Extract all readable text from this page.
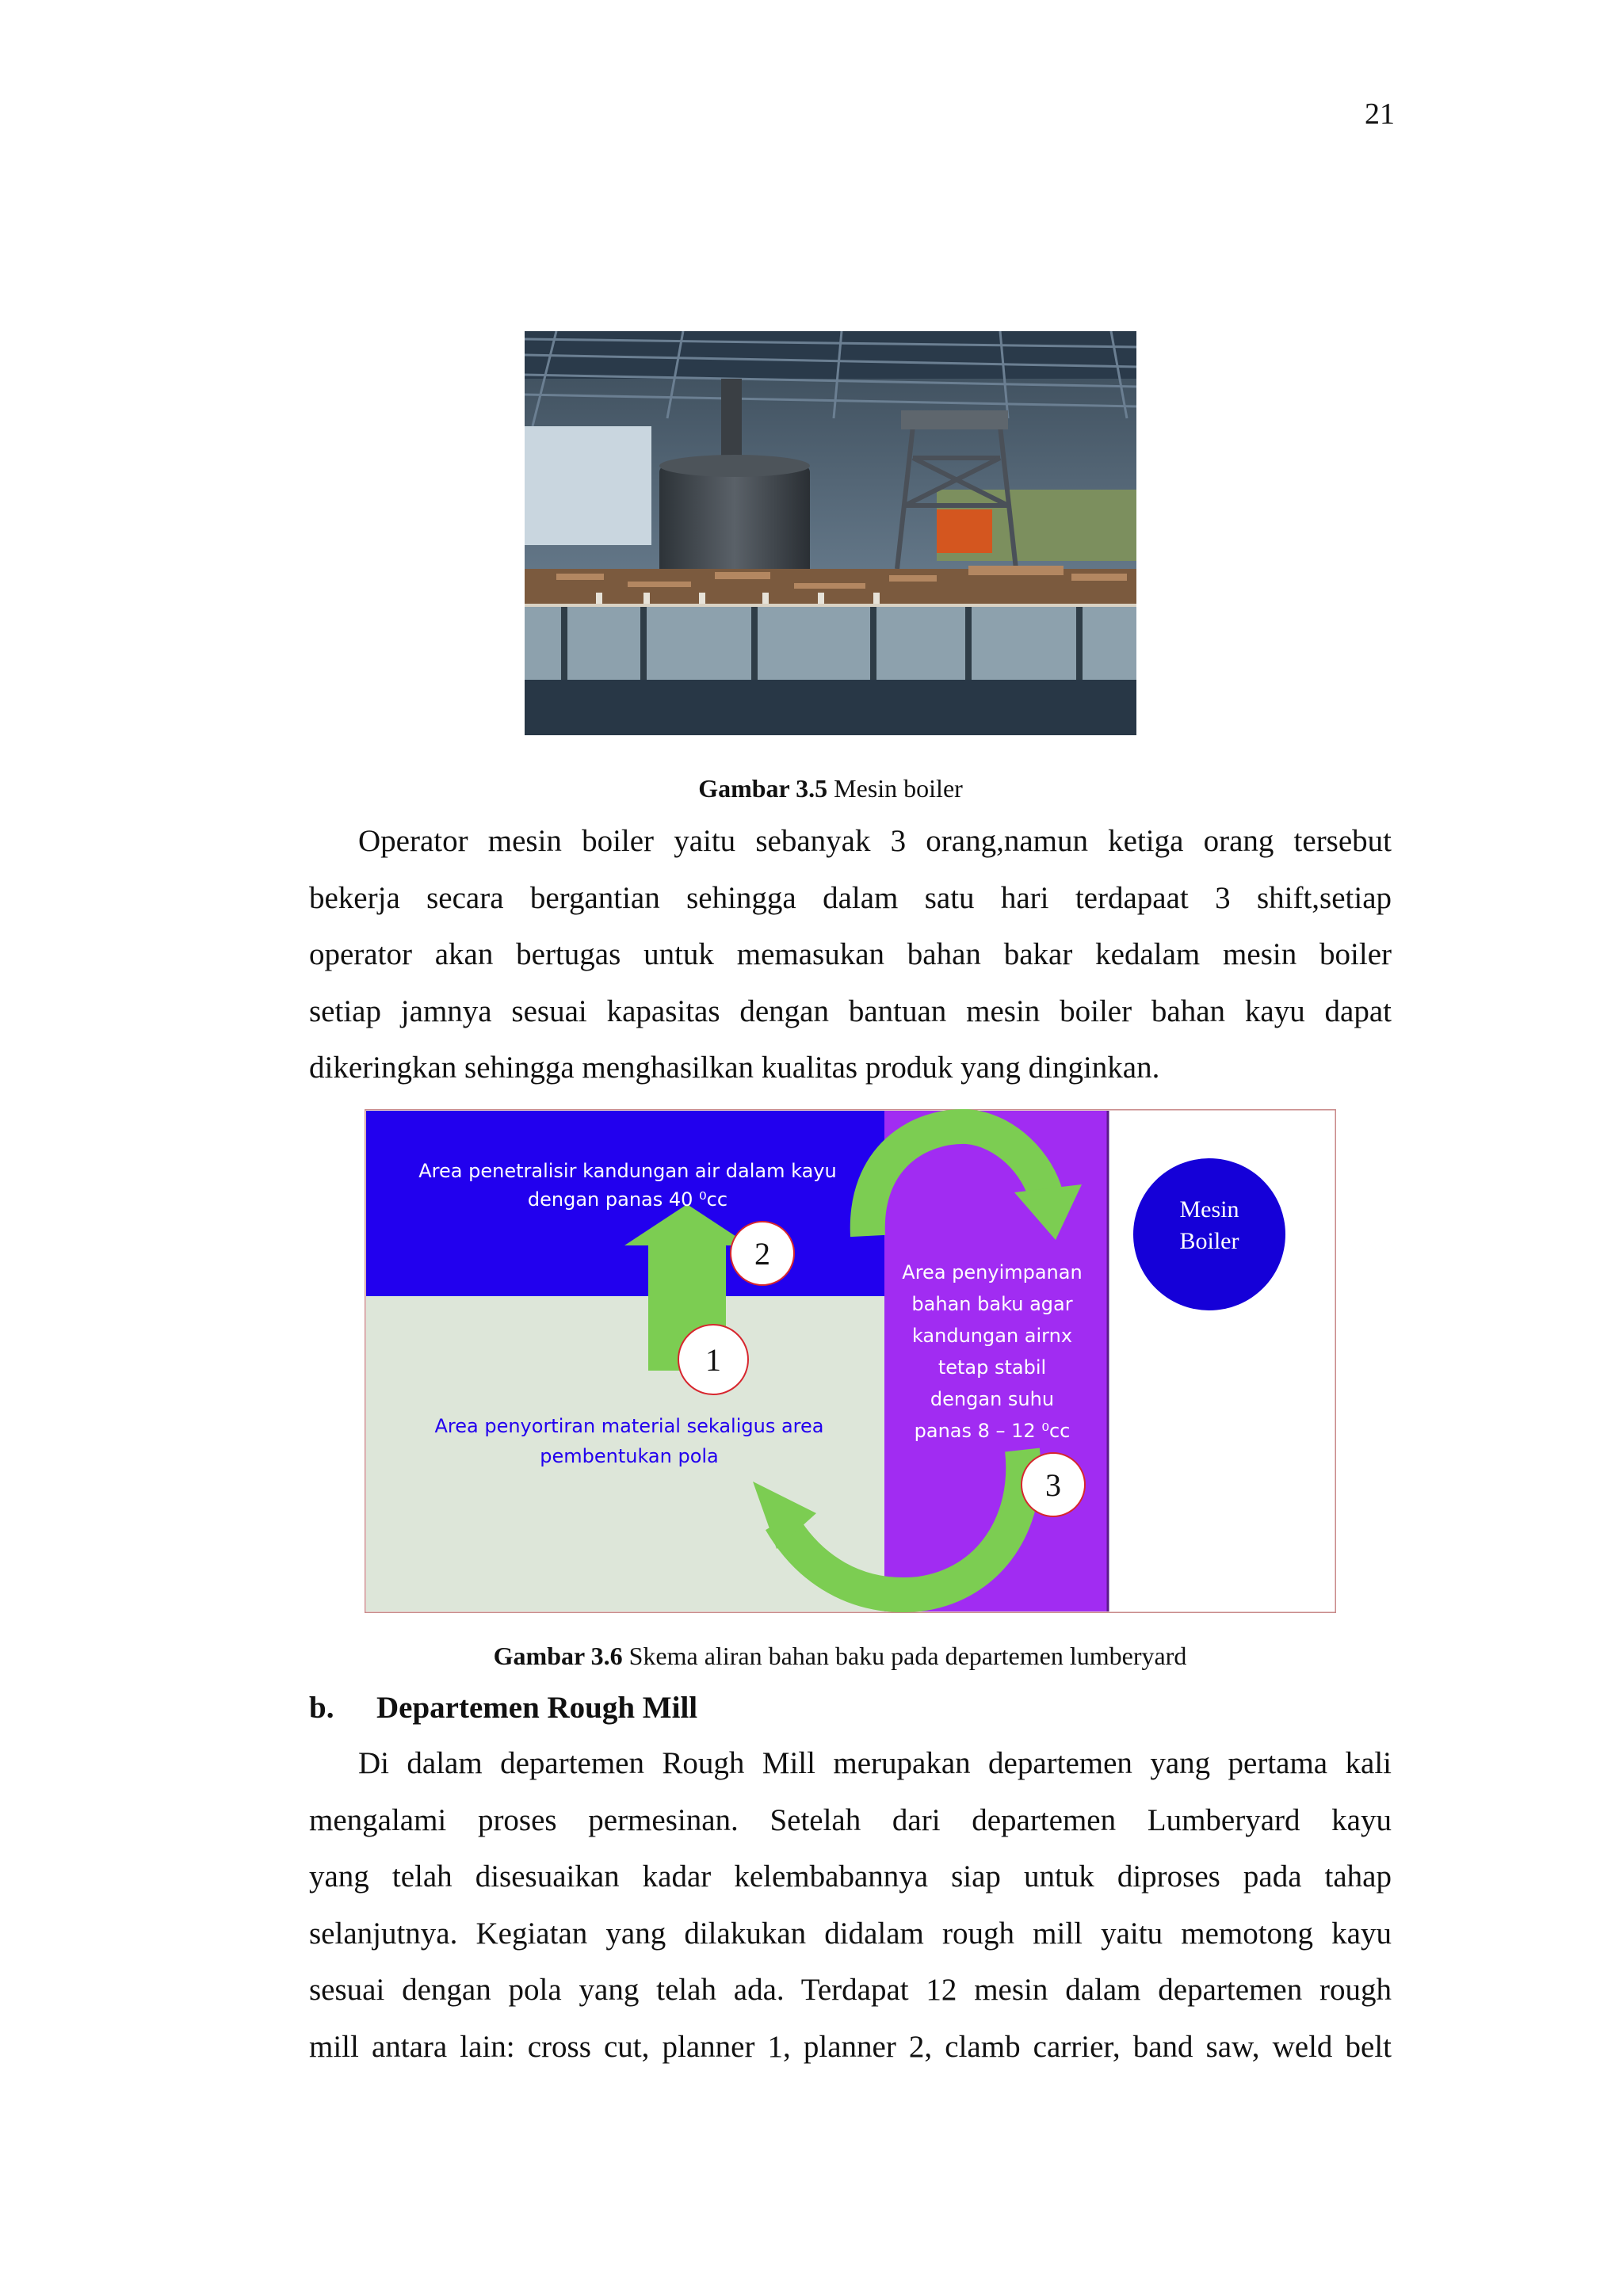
21
Gambar 3.5 Mesin boiler
Operator mesin boiler yaitu sebanyak 3 orang,namun ketiga orang tersebut
bekerja secara bergantian sehingga dalam satu hari terdapaat 3 shift,setiap
operator akan bertugas untuk memasukan bahan bakar kedalam mesin boiler
setiap jamnya sesuai kapasitas dengan bantuan mesin boiler bahan kayu dapat
dikeringkan sehingga menghasilkan kualitas produk yang dinginkan.
2
1
3
Area penetralisir kandungan air dalam kayu
dengan panas 40 ⁰cc
Area penyortiran material sekaligus area
pembentukan pola
Area penyimpanan
bahan baku agar
kandungan airnx
tetap stabil
dengan suhu
panas 8 – 12 ⁰cc
Mesin
Boiler
Gambar 3.6 Skema aliran bahan baku pada departemen lumberyard
b. Departemen Rough Mill
Di dalam departemen Rough Mill merupakan departemen yang pertama kali
mengalami proses permesinan. Setelah dari departemen Lumberyard kayu
yang telah disesuaikan kadar kelembabannya siap untuk diproses pada tahap
selanjutnya. Kegiatan yang dilakukan didalam rough mill yaitu memotong kayu
sesuai dengan pola yang telah ada. Terdapat 12 mesin dalam departemen rough
mill antara lain: cross cut, planner 1, planner 2, clamb carrier, band saw, weld belt
